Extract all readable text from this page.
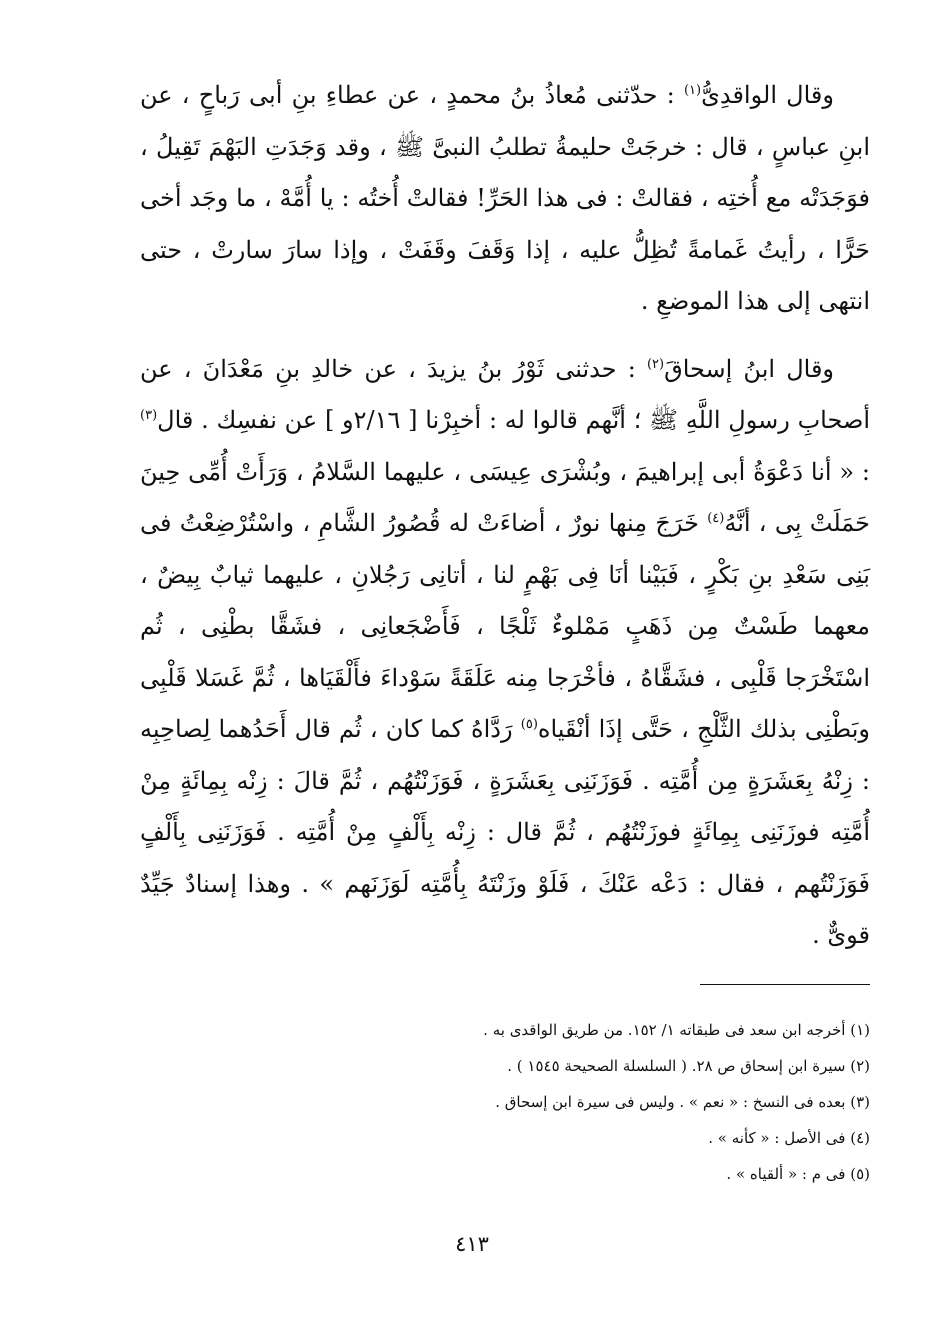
وقال الواقدِىُّ$^{(١)}$ : حدّثنى مُعاذُ بنُ محمدٍ ، عن عطاءِ بنِ أبى رَباحٍ ، عن ابنِ عباسٍ ، قال : خرجَتْ حليمةُ تطلبُ النبىَّ ﷺ ، وقد وَجَدَتِ البَهْمَ تَقِيلُ ، فوَجَدَتْه مع أُختِه ، فقالتْ : فى هذا الحَرِّ! فقالتْ أُختُه : يا أُمَّهْ ، ما وجَد أخى حَرًّا ، رأيتُ غَمامةً تُظِلُّ عليه ، إذا وَقَفَ وقَفَتْ ، وإذا سارَ سارتْ ، حتى انتهى إلى هذا الموضعِ .

وقال ابنُ إسحاقَ$^{(٢)}$ : حدثنى ثَوْرُ بنُ يزيدَ ، عن خالدِ بنِ مَعْدَانَ ، عن أصحابِ رسولِ اللَّهِ ﷺ ؛ أنَّهم قالوا له : أخبِرْنا [ ٢/١٦و ] عن نفسِك . قال$^{(٣)}$ : « أنا دَعْوَةُ أبى إبراهيمَ ، وبُشْرَى عِيسَى ، عليهما السَّلامُ ، وَرَأَتْ أُمِّى حِينَ حَمَلَتْ بِى ، أنَّهُ$^{(٤)}$ خَرَجَ مِنها نورٌ ، أضاءَتْ له قُصُورُ الشَّامِ ، واسْتُرْضِعْتُ فى بَنِى سَعْدِ بنِ بَكْرٍ ، فَبَيْنا أنَا فِى بَهْمٍ لنا ، أتانِى رَجُلانِ ، عليهما ثيابٌ بِيضٌ ، معهما طَسْتٌ مِن ذَهَبٍ مَمْلوءٌ ثَلْجًا ، فَأَضْجَعانِى ، فشَقَّا بطْنِى ، ثُم اسْتَخْرَجا قَلْبِى ، فشَقَّاهُ ، فأخْرَجا مِنه عَلَقَةً سَوْداءَ فأَلْقَيَاها ، ثُمَّ غَسَلا قَلْبِى وبَطْنِى بذلك الثَّلْجِ ، حَتَّى إذَا أنْقَياه$^{(٥)}$ رَدَّاهُ كما كان ، ثُم قال أَحَدُهما لِصاحِبِه : زِنْهُ بِعَشَرَةٍ مِن أُمَّتِه . فَوَزَنَنِى بِعَشَرَةٍ ، فَوَزَنْتُهُم ، ثُمَّ قالَ : زِنْه بِمِائَةٍ مِنْ أُمَّتِه فوزَنَنِى بِمِائَةٍ فوزَنْتُهُم ، ثُمَّ قال : زِنْه بِأَلْفٍ مِنْ أُمَّتِه . فَوَزَنَنِى بِأَلْفٍ فَوَزَنْتُهم ، فقال : دَعْه عَنْكَ ، فَلَوْ وزَنْتَهُ بِأُمَّتِه لَوَزَنَهم » . وهذا إسنادٌ جَيِّدٌ قوىٌّ .

(١) أخرجه ابن سعد فى طبقاته ١/ ١٥٢. من طريق الواقدى به .
(٢) سيرة ابن إسحاق ص ٢٨. ( السلسلة الصحيحة ١٥٤٥ ) .
(٣) بعده فى النسخ : « نعم » . وليس فى سيرة ابن إسحاق .
(٤) فى الأصل : « كأنه » .
(٥) فى م : « ألقياه » .
٤١٣
